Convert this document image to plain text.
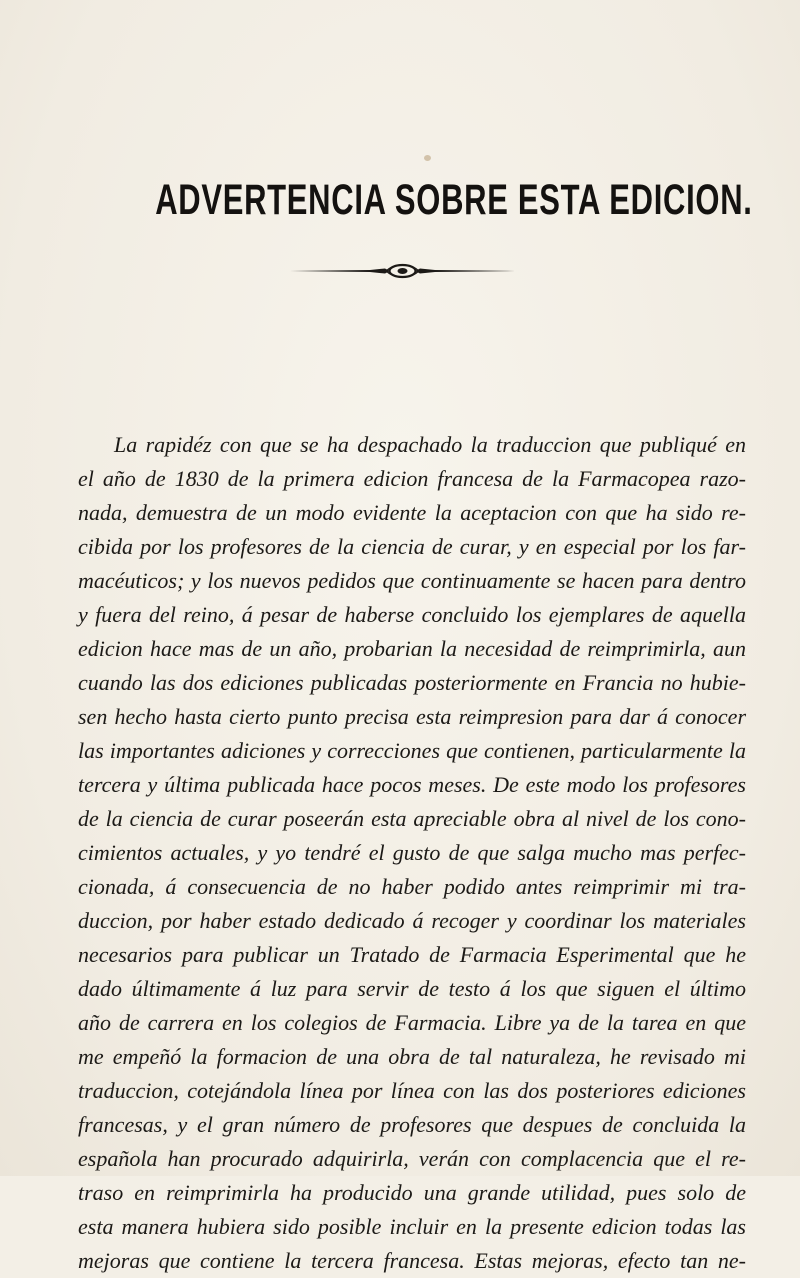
ADVERTENCIA SOBRE ESTA EDICION.

La rapidéz con que se ha despachado la traduccion que publiqué en
el año de 1830 de la primera edicion francesa de la Farmacopea razo-
nada, demuestra de un modo evidente la aceptacion con que ha sido re-
cibida por los profesores de la ciencia de curar, y en especial por los far-
macéuticos; y los nuevos pedidos que continuamente se hacen para dentro
y fuera del reino, á pesar de haberse concluido los ejemplares de aquella
edicion hace mas de un año, probarian la necesidad de reimprimirla, aun
cuando las dos ediciones publicadas posteriormente en Francia no hubie-
sen hecho hasta cierto punto precisa esta reimpresion para dar á conocer
las importantes adiciones y correcciones que contienen, particularmente la
tercera y última publicada hace pocos meses. De este modo los profesores
de la ciencia de curar poseerán esta apreciable obra al nivel de los cono-
cimientos actuales, y yo tendré el gusto de que salga mucho mas perfec-
cionada, á consecuencia de no haber podido antes reimprimir mi tra-
duccion, por haber estado dedicado á recoger y coordinar los materiales
necesarios para publicar un Tratado de Farmacia Esperimental que he
dado últimamente á luz para servir de testo á los que siguen el último
año de carrera en los colegios de Farmacia. Libre ya de la tarea en que
me empeñó la formacion de una obra de tal naturaleza, he revisado mi
traduccion, cotejándola línea por línea con las dos posteriores ediciones
francesas, y el gran número de profesores que despues de concluida la
española han procurado adquirirla, verán con complacencia que el re-
traso en reimprimirla ha producido una grande utilidad, pues solo de
esta manera hubiera sido posible incluir en la presente edicion todas las
mejoras que contiene la tercera francesa. Estas mejoras, efecto tan ne-
